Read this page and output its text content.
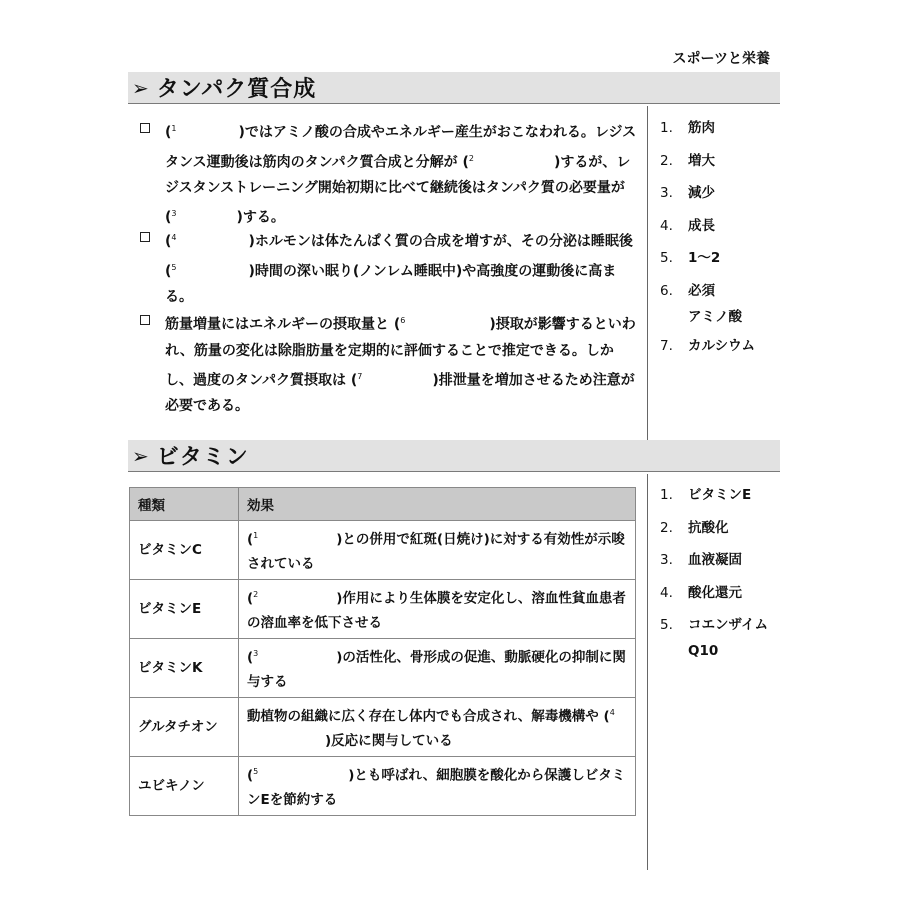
スポーツと栄養
➢ タンパク質合成
($^1$	)ではアミノ酸の合成やエネルギー産生がおこなわれる。レジスタンス運動後は筋肉のタンパク質合成と分解が ($^2$	)するが、レジスタンストレーニング開始初期に比べて継続後はタンパク質の必要量が ($^3$	)する。
($^4$	)ホルモンは体たんぱく質の合成を増すが、その分泌は睡眠後 ($^5$	)時間の深い眠り(ノンレム睡眠中)や高強度の運動後に高まる。
筋量増量にはエネルギーの摂取量と ($^6$	)摂取が影響するといわれ、筋量の変化は除脂肪量を定期的に評価することで推定できる。しかし、過度のタンパク質摂取は ($^7$	)排泄量を増加させるため注意が必要である。
1.	筋肉
2.	増大
3.	減少
4.	成長
5.	1〜2
6.	必須
アミノ酸
7.	カルシウム
➢ ビタミン
種類	効果
ビタミンC	($^1$ )との併用で紅斑(日焼け)に対する有効性が示唆されている
ビタミンE	($^2$ )作用により生体膜を安定化し、溶血性貧血患者の溶血率を低下させる
ビタミンK	($^3$ )の活性化、骨形成の促進、動脈硬化の抑制に関与する
グルタチオン	動植物の組織に広く存在し体内でも合成され、解毒機構や ($^4$)反応に関与している
ユビキノン	($^5$ )とも呼ばれ、細胞膜を酸化から保護しビタミンEを節約する
1.	ビタミンE
2.	抗酸化
3.	血液凝固
4.	酸化還元
5.	コエンザイム
Q10
